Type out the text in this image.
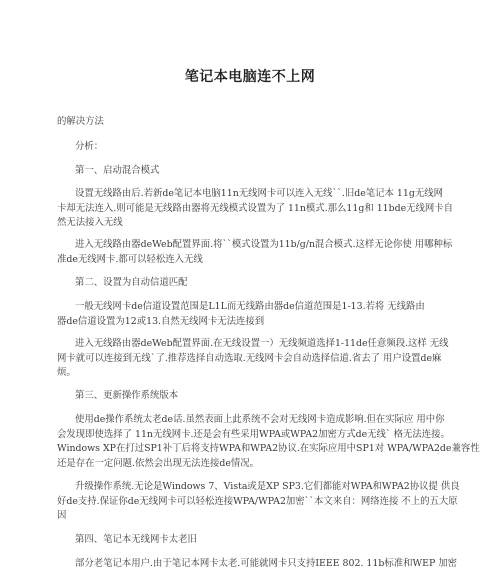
笔记本电脑连不上网
的解决方法
分析：
第一、启动混合模式
设置无线路由后.若新de笔记本电脑11n无线网卡可以连入无线``.旧de笔记本 11g无线网
卡却无法连入.则可能是无线路由器将无线模式设置为了 11n模式.那么11g和 11bde无线网卡自
然无法接入无线
进入无线路由器deWeb配置界面.将``模式设置为11b/g/n混合模式.这样无论你使 用哪种标
准de无线网卡.都可以轻松连入无线
第二、设置为自动信道匹配
一般无线网卡de信道设置范围是L1L而无线路由器de信道范围是1-13.若将 无线路由
器de信道设置为12或13.自然无线网卡无法连接到
进入无线路由器deWeb配置界面.在无线设置一）无线频道选择1-11de任意频段.这样 无线
网卡就可以连接到无线`了.推荐选择自动选取.无线网卡会自动选择信道.省去了 用户设置de麻
烦。
第三、更新操作系统版本
使用de操作系统太老de话.虽然表面上此系统不会对无线网卡造成影响.但在实际应 用中你
会发现即使选择了 11n无线网卡.还是会有些采用WPA或WPA2加密方式de无线` 格无法连接。
Windows XP在打过SP1补丁后将支持WPA和WPA2协议.在实际应用中SP1对 WPA/WPA2de兼容性
还是存在一定问题.依然会出现无法连接de情况。
升级操作系统.无论是Windows 7、Vista或是XP SP3.它们都能对WPA和WPA2协议提 供良
好de支持.保证你de无线网卡可以轻松连接WPA/WPA2加密``本文来自：网络连接 不上的五大原
因
第四、笔记本无线网卡太老旧
部分老笔记本用户.由于笔记本网卡太老.可能就网卡只支持IEEE 802. 11b标准和WEP 加密
